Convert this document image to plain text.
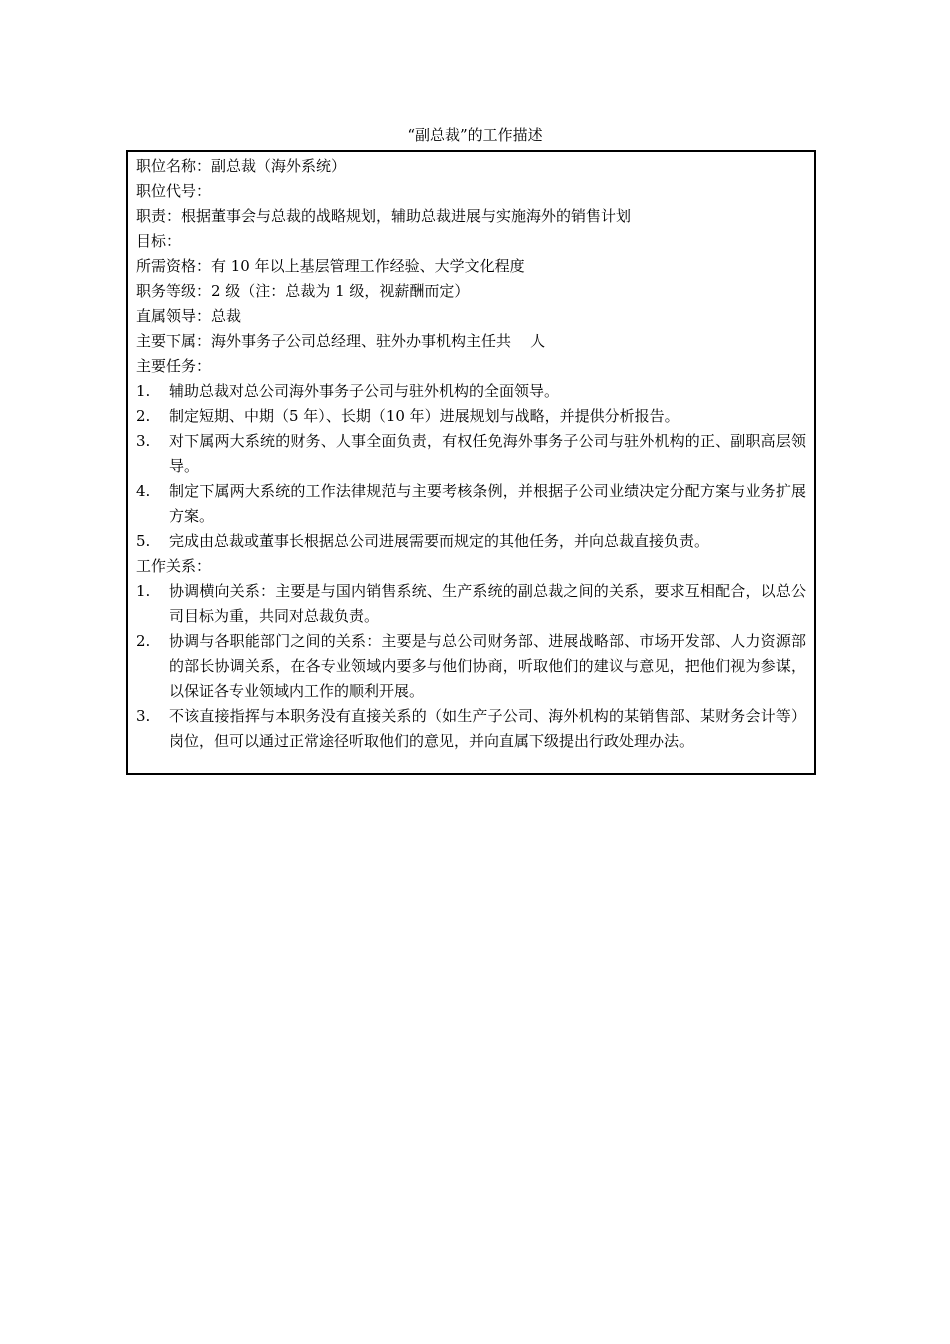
“副总裁”的工作描述
职位名称：副总裁（海外系统）
职位代号：
职责：根据董事会与总裁的战略规划，辅助总裁进展与实施海外的销售计划
目标：
所需资格：有 10 年以上基层管理工作经验、大学文化程度
职务等级：2 级（注：总裁为 1 级，视薪酬而定）
直属领导：总裁
主要下属：海外事务子公司总经理、驻外办事机构主任共    人
主要任务：
1.	辅助总裁对总公司海外事务子公司与驻外机构的全面领导。
2.	制定短期、中期（5 年）、长期（10 年）进展规划与战略，并提供分析报告。
3.	对下属两大系统的财务、人事全面负责，有权任免海外事务子公司与驻外机构的正、副职高层领导。
4.	制定下属两大系统的工作法律规范与主要考核条例，并根据子公司业绩决定分配方案与业务扩展方案。
5.	完成由总裁或董事长根据总公司进展需要而规定的其他任务，并向总裁直接负责。
工作关系：
1.	协调横向关系：主要是与国内销售系统、生产系统的副总裁之间的关系，要求互相配合，以总公司目标为重，共同对总裁负责。
2.	协调与各职能部门之间的关系：主要是与总公司财务部、进展战略部、市场开发部、人力资源部的部长协调关系，在各专业领域内要多与他们协商，听取他们的建议与意见，把他们视为参谋，以保证各专业领域内工作的顺利开展。
3.	不该直接指挥与本职务没有直接关系的（如生产子公司、海外机构的某销售部、某财务会计等）岗位，但可以通过正常途径听取他们的意见，并向直属下级提出行政处理办法。
